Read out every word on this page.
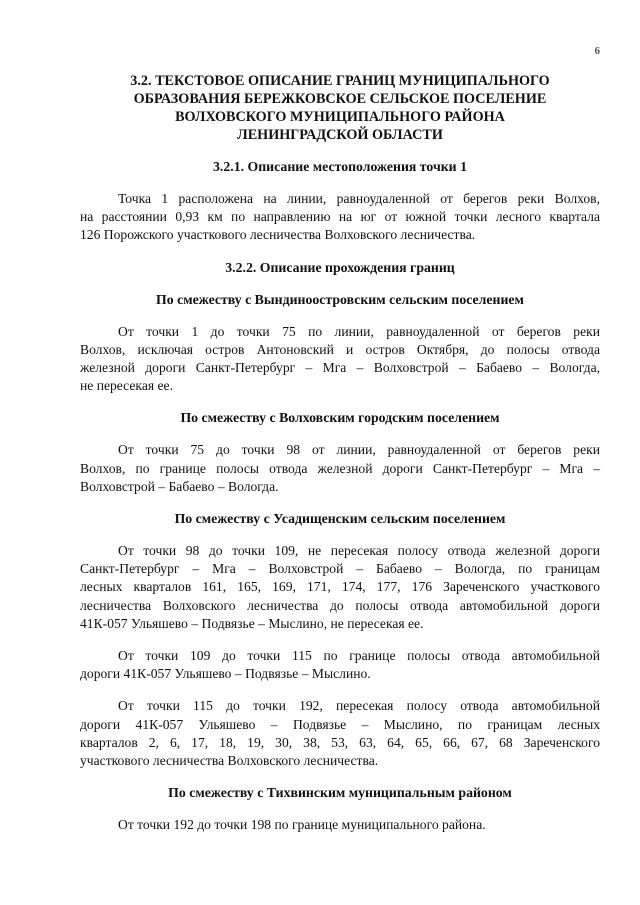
6
3.2. ТЕКСТОВОЕ ОПИСАНИЕ ГРАНИЦ МУНИЦИПАЛЬНОГО
ОБРАЗОВАНИЯ БЕРЕЖКОВСКОЕ СЕЛЬСКОЕ ПОСЕЛЕНИЕ
ВОЛХОВСКОГО МУНИЦИПАЛЬНОГО РАЙОНА
ЛЕНИНГРАДСКОЙ ОБЛАСТИ
3.2.1. Описание местоположения точки 1
Точка 1 расположена на линии, равноудаленной от берегов реки Волхов,
на расстоянии 0,93 км по направлению на юг от южной точки лесного квартала
126 Порожского участкового лесничества Волховского лесничества.
3.2.2. Описание прохождения границ
По смежеству с Вындиноостровским сельским поселением
От точки 1 до точки 75 по линии, равноудаленной от берегов реки
Волхов, исключая остров Антоновский и остров Октября, до полосы отвода
железной дороги Санкт-Петербург – Мга – Волховстрой – Бабаево – Вологда,
не пересекая ее.
По смежеству с Волховским городским поселением
От точки 75 до точки 98 от линии, равноудаленной от берегов реки
Волхов, по границе полосы отвода железной дороги Санкт-Петербург – Мга –
Волховстрой – Бабаево – Вологда.
По смежеству с Усадищенским сельским поселением
От точки 98 до точки 109, не пересекая полосу отвода железной дороги
Санкт-Петербург – Мга – Волховстрой – Бабаево – Вологда, по границам
лесных кварталов 161, 165, 169, 171, 174, 177, 176 Зареченского участкового
лесничества Волховского лесничества до полосы отвода автомобильной дороги
41К-057 Ульяшево – Подвязье – Мыслино, не пересекая ее.
От точки 109 до точки 115 по границе полосы отвода автомобильной
дороги 41К-057 Ульяшево – Подвязье – Мыслино.
От точки 115 до точки 192, пересекая полосу отвода автомобильной
дороги 41К-057 Ульяшево – Подвязье – Мыслино, по границам лесных
кварталов 2, 6, 17, 18, 19, 30, 38, 53, 63, 64, 65, 66, 67, 68 Зареченского
участкового лесничества Волховского лесничества.
По смежеству с Тихвинским муниципальным районом
От точки 192 до точки 198 по границе муниципального района.
